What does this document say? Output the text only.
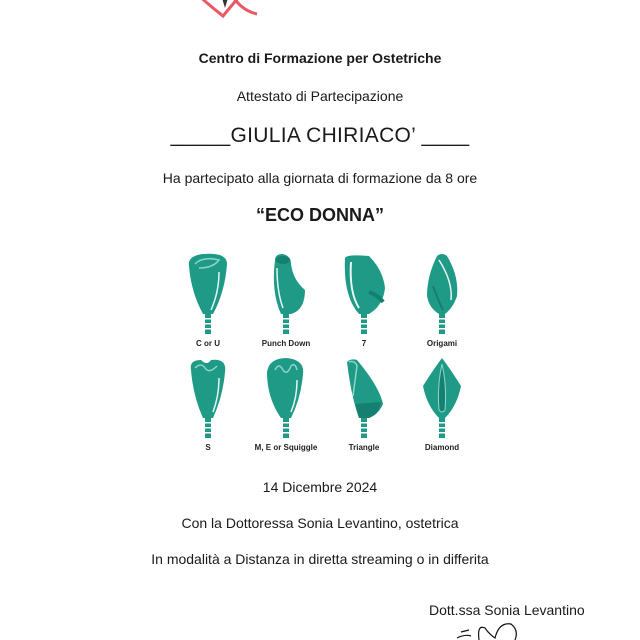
Centro di Formazione per Ostetriche
Attestato di Partecipazione
_____GIULIA CHIRIACO’ ____
Ha partecipato alla giornata di formazione da 8 ore
“ECO DONNA”
C or U	Punch Down	7	Origami
S	M, E or Squiggle	Triangle	Diamond
14 Dicembre 2024
Con la Dottoressa Sonia Levantino, ostetrica
In modalità a Distanza in diretta streaming o in differita
Dott.ssa Sonia Levantino
